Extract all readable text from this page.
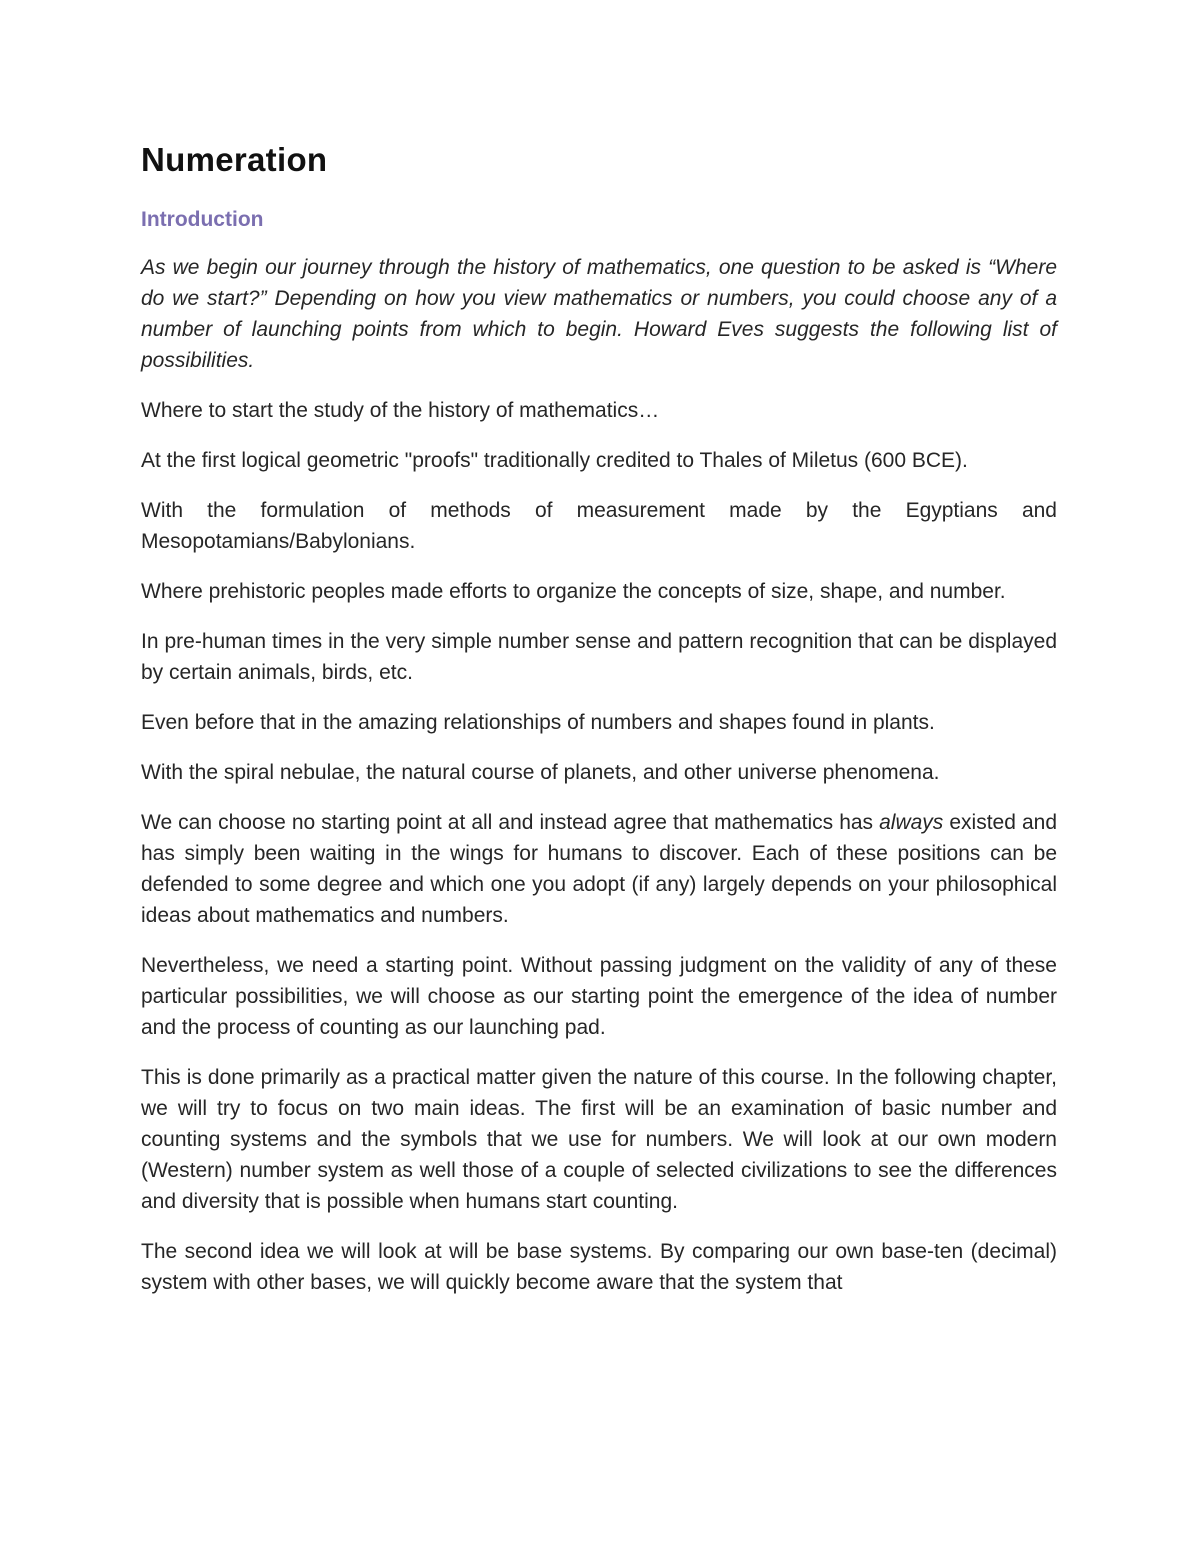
Numeration
Introduction

As we begin our journey through the history of mathematics, one question to be asked is “Where do we start?” Depending on how you view mathematics or numbers, you could choose any of a number of launching points from which to begin. Howard Eves suggests the following list of possibilities.

Where to start the study of the history of mathematics…

At the first logical geometric "proofs" traditionally credited to Thales of Miletus (600 BCE).

With the formulation of methods of measurement made by the Egyptians and Mesopotamians/Babylonians.

Where prehistoric peoples made efforts to organize the concepts of size, shape, and number.

In pre-human times in the very simple number sense and pattern recognition that can be displayed by certain animals, birds, etc.

Even before that in the amazing relationships of numbers and shapes found in plants.

With the spiral nebulae, the natural course of planets, and other universe phenomena.

We can choose no starting point at all and instead agree that mathematics has always existed and has simply been waiting in the wings for humans to discover. Each of these positions can be defended to some degree and which one you adopt (if any) largely depends on your philosophical ideas about mathematics and numbers.

Nevertheless, we need a starting point. Without passing judgment on the validity of any of these particular possibilities, we will choose as our starting point the emergence of the idea of number and the process of counting as our launching pad.

This is done primarily as a practical matter given the nature of this course. In the following chapter, we will try to focus on two main ideas. The first will be an examination of basic number and counting systems and the symbols that we use for numbers. We will look at our own modern (Western) number system as well those of a couple of selected civilizations to see the differences and diversity that is possible when humans start counting.

The second idea we will look at will be base systems. By comparing our own base-ten (decimal) system with other bases, we will quickly become aware that the system that
